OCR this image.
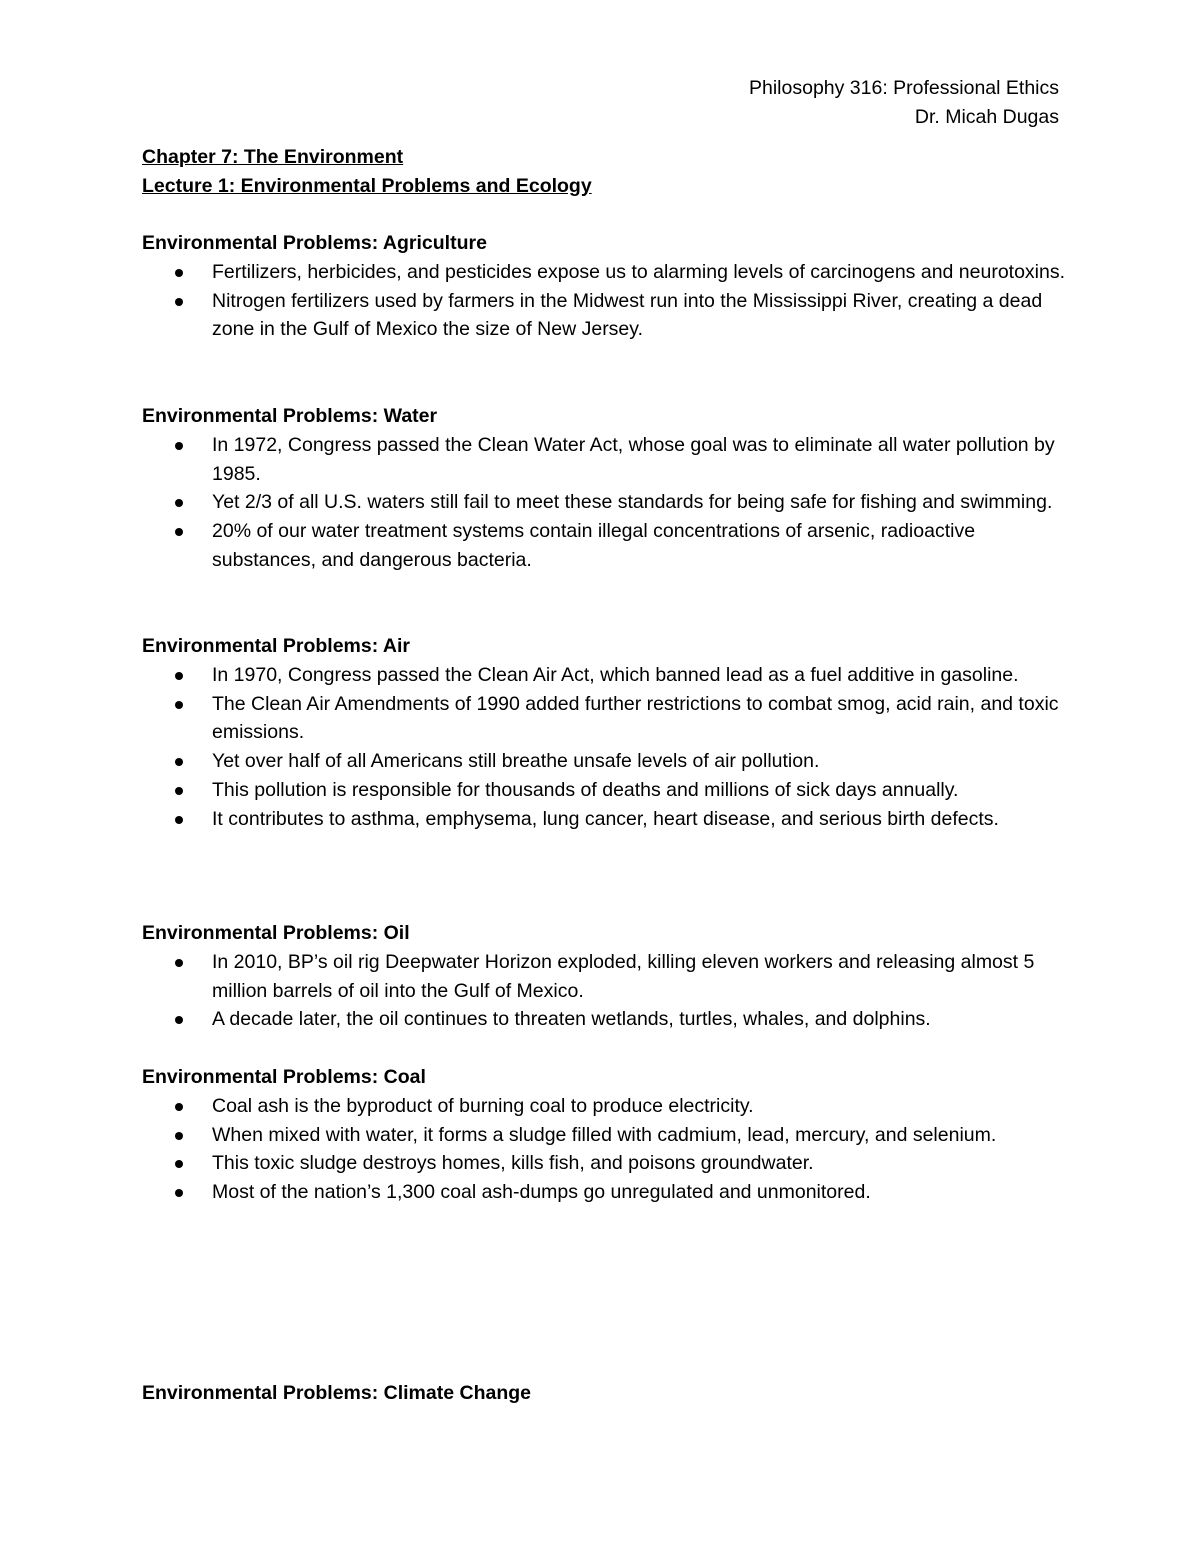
Philosophy 316: Professional Ethics
Dr. Micah Dugas
Chapter 7: The Environment
Lecture 1: Environmental Problems and Ecology
Environmental Problems: Agriculture
Fertilizers, herbicides, and pesticides expose us to alarming levels of carcinogens and neurotoxins.
Nitrogen fertilizers used by farmers in the Midwest run into the Mississippi River, creating a dead zone in the Gulf of Mexico the size of New Jersey.
Environmental Problems: Water
In 1972, Congress passed the Clean Water Act, whose goal was to eliminate all water pollution by 1985.
Yet 2/3 of all U.S. waters still fail to meet these standards for being safe for fishing and swimming.
20% of our water treatment systems contain illegal concentrations of arsenic, radioactive substances, and dangerous bacteria.
Environmental Problems: Air
In 1970, Congress passed the Clean Air Act, which banned lead as a fuel additive in gasoline.
The Clean Air Amendments of 1990 added further restrictions to combat smog, acid rain, and toxic emissions.
Yet over half of all Americans still breathe unsafe levels of air pollution.
This pollution is responsible for thousands of deaths and millions of sick days annually.
It contributes to asthma, emphysema, lung cancer, heart disease, and serious birth defects.
Environmental Problems: Oil
In 2010, BP’s oil rig Deepwater Horizon exploded, killing eleven workers and releasing almost 5 million barrels of oil into the Gulf of Mexico.
A decade later, the oil continues to threaten wetlands, turtles, whales, and dolphins.
Environmental Problems: Coal
Coal ash is the byproduct of burning coal to produce electricity.
When mixed with water, it forms a sludge filled with cadmium, lead, mercury, and selenium.
This toxic sludge destroys homes, kills fish, and poisons groundwater.
Most of the nation’s 1,300 coal ash-dumps go unregulated and unmonitored.
Environmental Problems: Climate Change
